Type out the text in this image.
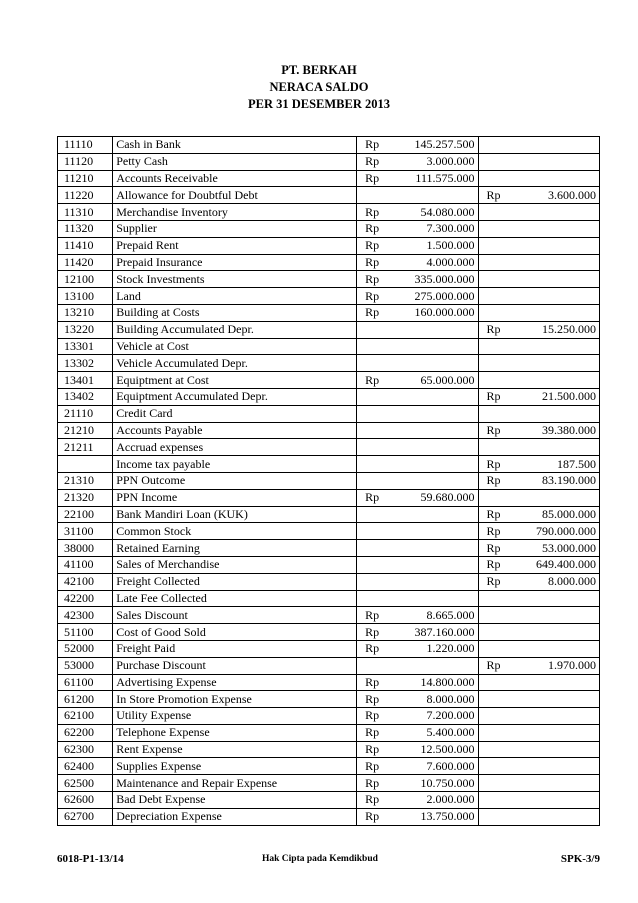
PT. BERKAH
NERACA SALDO
PER 31 DESEMBER 2013
11110	Cash in Bank	Rp	145.257.500		
11120	Petty Cash	Rp	3.000.000		
11210	Accounts Receivable	Rp	111.575.000		
11220	Allowance for Doubtful Debt			Rp	3.600.000
11310	Merchandise Inventory	Rp	54.080.000		
11320	Supplier	Rp	7.300.000		
11410	Prepaid Rent	Rp	1.500.000		
11420	Prepaid Insurance	Rp	4.000.000		
12100	Stock Investments	Rp	335.000.000		
13100	Land	Rp	275.000.000		
13210	Building at Costs	Rp	160.000.000		
13220	Building Accumulated Depr.			Rp	15.250.000
13301	Vehicle at Cost				
13302	Vehicle Accumulated Depr.				
13401	Equiptment at Cost	Rp	65.000.000		
13402	Equiptment Accumulated Depr.			Rp	21.500.000
21110	Credit Card				
21210	Accounts Payable			Rp	39.380.000
21211	Accruad expenses				
	Income tax payable			Rp	187.500
21310	PPN Outcome			Rp	83.190.000
21320	PPN Income	Rp	59.680.000		
22100	Bank Mandiri Loan (KUK)			Rp	85.000.000
31100	Common Stock			Rp	790.000.000
38000	Retained Earning			Rp	53.000.000
41100	Sales of Merchandise			Rp	649.400.000
42100	Freight Collected			Rp	8.000.000
42200	Late Fee Collected				
42300	Sales Discount	Rp	8.665.000		
51100	Cost of Good Sold	Rp	387.160.000		
52000	Freight Paid	Rp	1.220.000		
53000	Purchase Discount			Rp	1.970.000
61100	Advertising Expense	Rp	14.800.000		
61200	In Store Promotion Expense	Rp	8.000.000		
62100	Utility Expense	Rp	7.200.000		
62200	Telephone Expense	Rp	5.400.000		
62300	Rent Expense	Rp	12.500.000		
62400	Supplies Expense	Rp	7.600.000		
62500	Maintenance and Repair Expense	Rp	10.750.000		
62600	Bad Debt Expense	Rp	2.000.000		
62700	Depreciation Expense	Rp	13.750.000		
6018-P1-13/14	Hak Cipta pada Kemdikbud	SPK-3/9
